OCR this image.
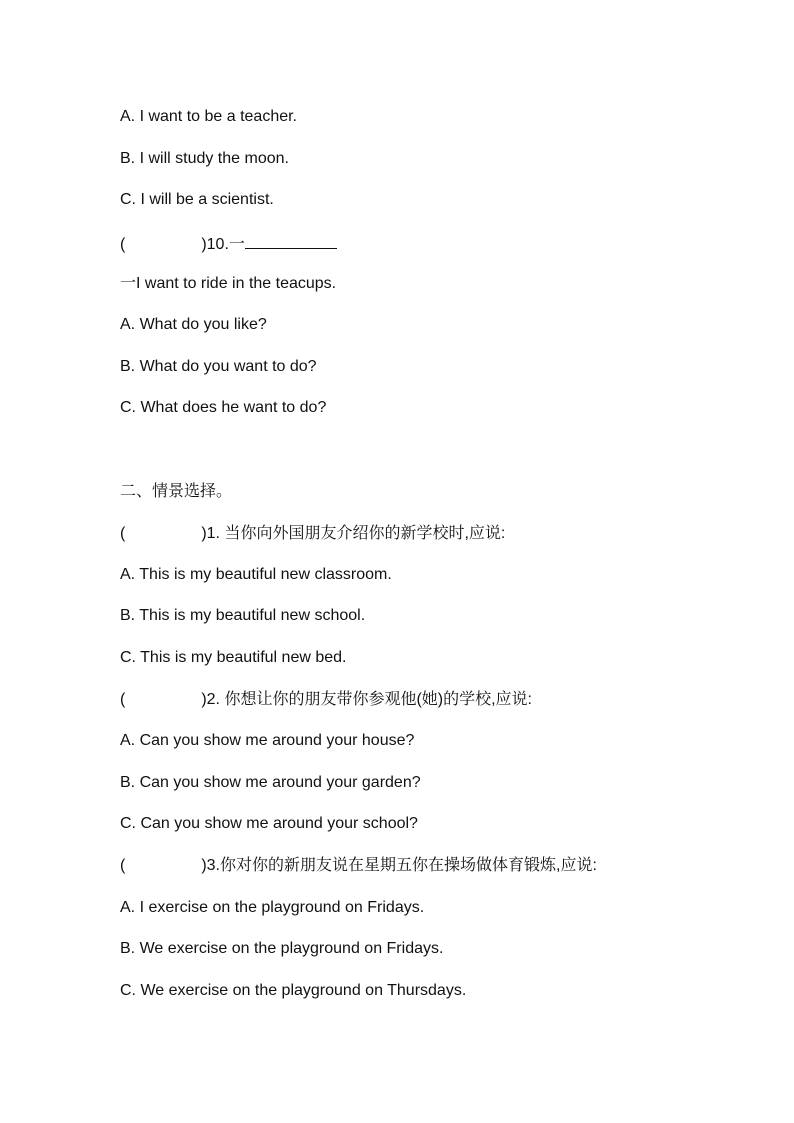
A. I want to be a teacher.
B. I will study the moon.
C. I will be a scientist.
(	)10.一
一I want to ride in the teacups.
A. What do you like?
B. What do you want to do?
C. What does he want to do?
二、情景选择。
(	)1. 当你向外国朋友介绍你的新学校时,应说:
A. This is my beautiful new classroom.
B. This is my beautiful new school.
C. This is my beautiful new bed.
(	)2. 你想让你的朋友带你参观他(她)的学校,应说:
A. Can you show me around your house?
B. Can you show me around your garden?
C. Can you show me around your school?
(	)3.你对你的新朋友说在星期五你在操场做体育锻炼,应说:
A. I exercise on the playground on Fridays.
B. We exercise on the playground on Fridays.
C. We exercise on the playground on Thursdays.
